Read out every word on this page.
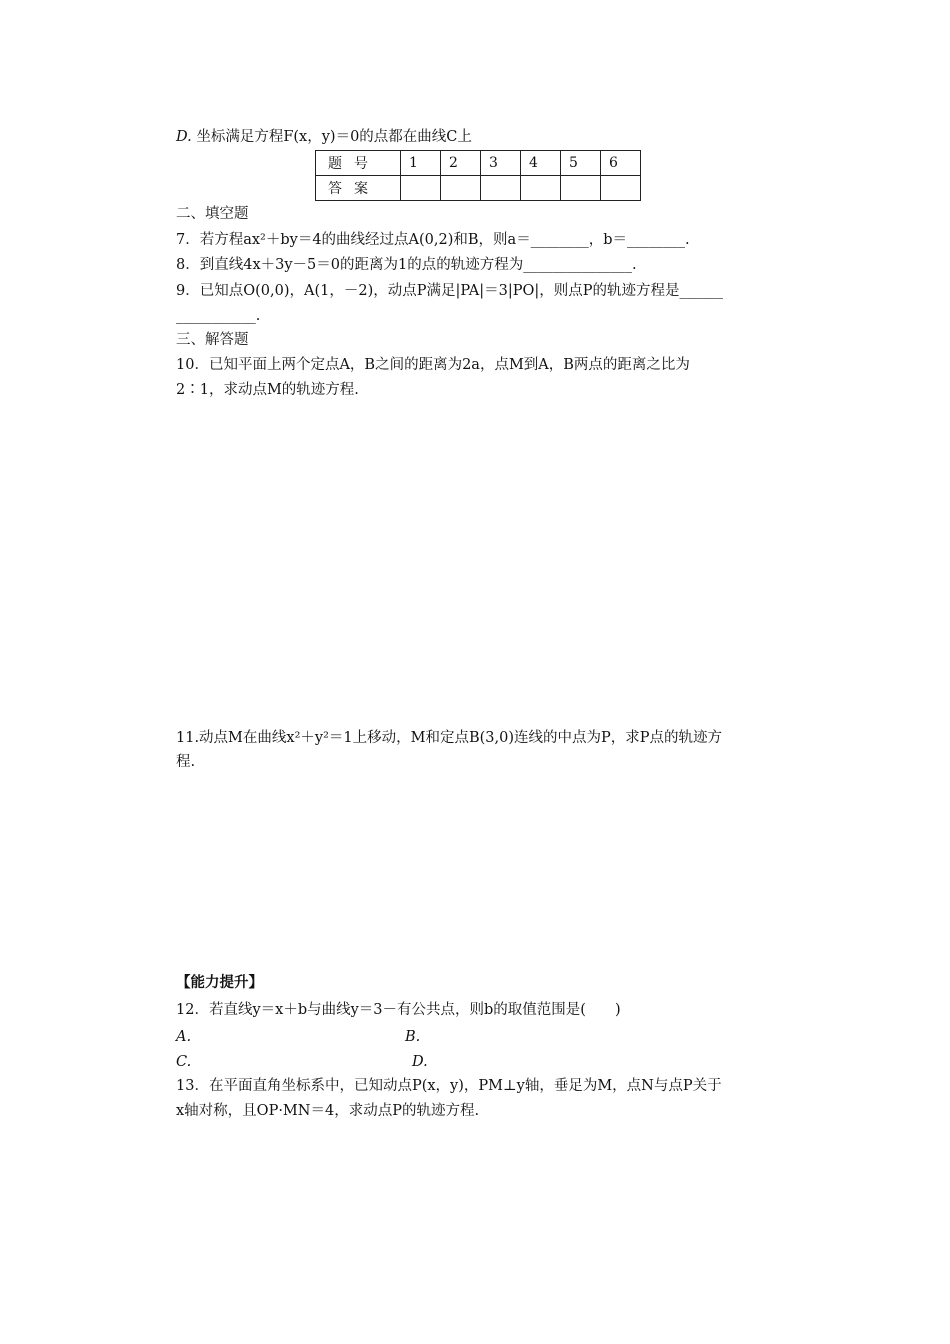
D. 坐标满足方程F(x，y)＝0的点都在曲线C上
题号	1	2	3	4	5	6
答案						
二、填空题
7．若方程ax²＋by＝4的曲线经过点A(0,2)和B，则a＝________，b＝________.
8．到直线4x＋3y－5＝0的距离为1的点的轨迹方程为_______________.
9．已知点O(0,0)，A(1，－2)，动点P满足|PA|＝3|PO|，则点P的轨迹方程是______
___________.
三、解答题
10．已知平面上两个定点A，B之间的距离为2a，点M到A，B两点的距离之比为
2∶1，求动点M的轨迹方程.
11.动点M在曲线x²＋y²＝1上移动，M和定点B(3,0)连线的中点为P，求P点的轨迹方
程.
【能力提升】
12．若直线y＝x＋b与曲线y＝3－有公共点，则b的取值范围是(　　)
A.	B.
C.	D.
13．在平面直角坐标系中，已知动点P(x，y)，PM⊥y轴，垂足为M，点N与点P关于
x轴对称，且OP·MN＝4，求动点P的轨迹方程.
